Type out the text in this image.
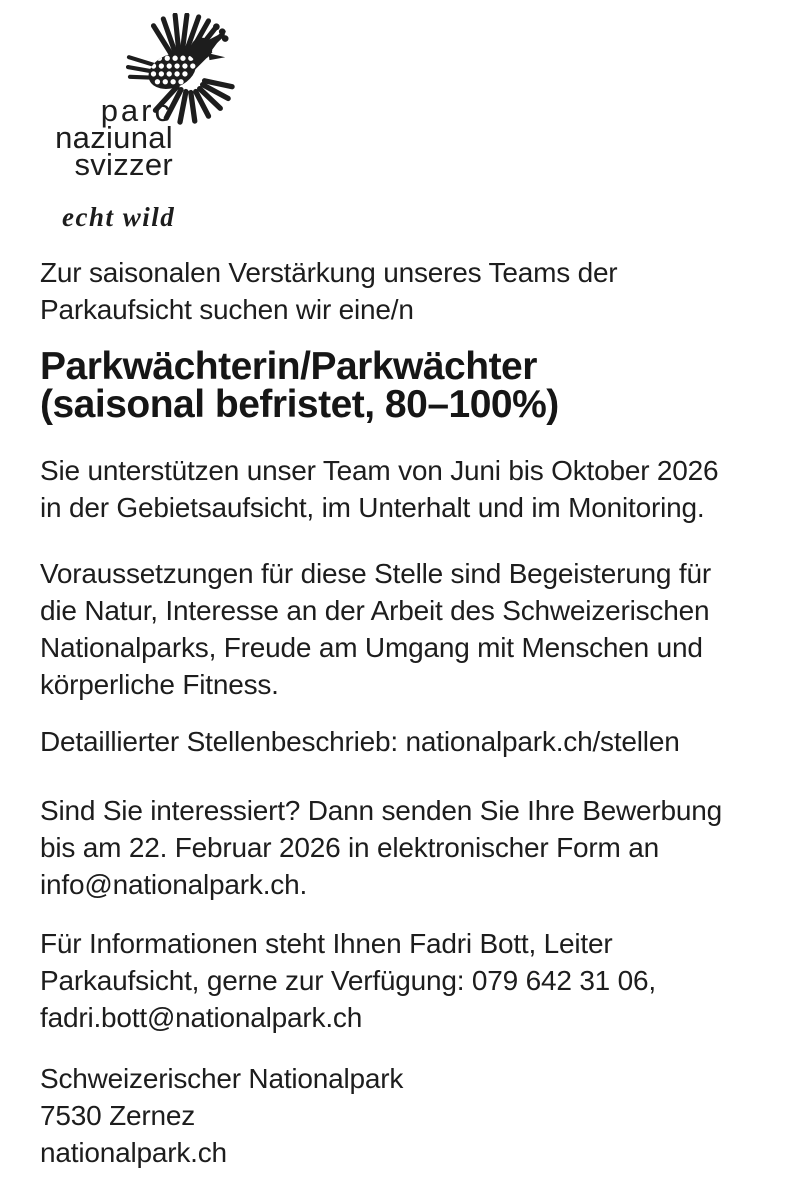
parc
naziunal
svizzer
echt wild
Zur saisonalen Verstärkung unseres Teams der
Parkaufsicht suchen wir eine/n
Parkwächterin/Parkwächter
(saisonal befristet, 80–100%)
Sie unterstützen unser Team von Juni bis Oktober 2026
in der Gebietsaufsicht, im Unterhalt und im Monitoring.
Voraussetzungen für diese Stelle sind Begeisterung für
die Natur, Interesse an der Arbeit des Schweizerischen
Nationalparks, Freude am Umgang mit Menschen und
körperliche Fitness.
Detaillierter Stellenbeschrieb: nationalpark.ch/stellen
Sind Sie interessiert? Dann senden Sie Ihre Bewerbung
bis am 22. Februar 2026 in elektronischer Form an
info@nationalpark.ch.
Für Informationen steht Ihnen Fadri Bott, Leiter
Parkaufsicht, gerne zur Verfügung: 079 642 31 06,
fadri.bott@nationalpark.ch
Schweizerischer Nationalpark
7530 Zernez
nationalpark.ch
